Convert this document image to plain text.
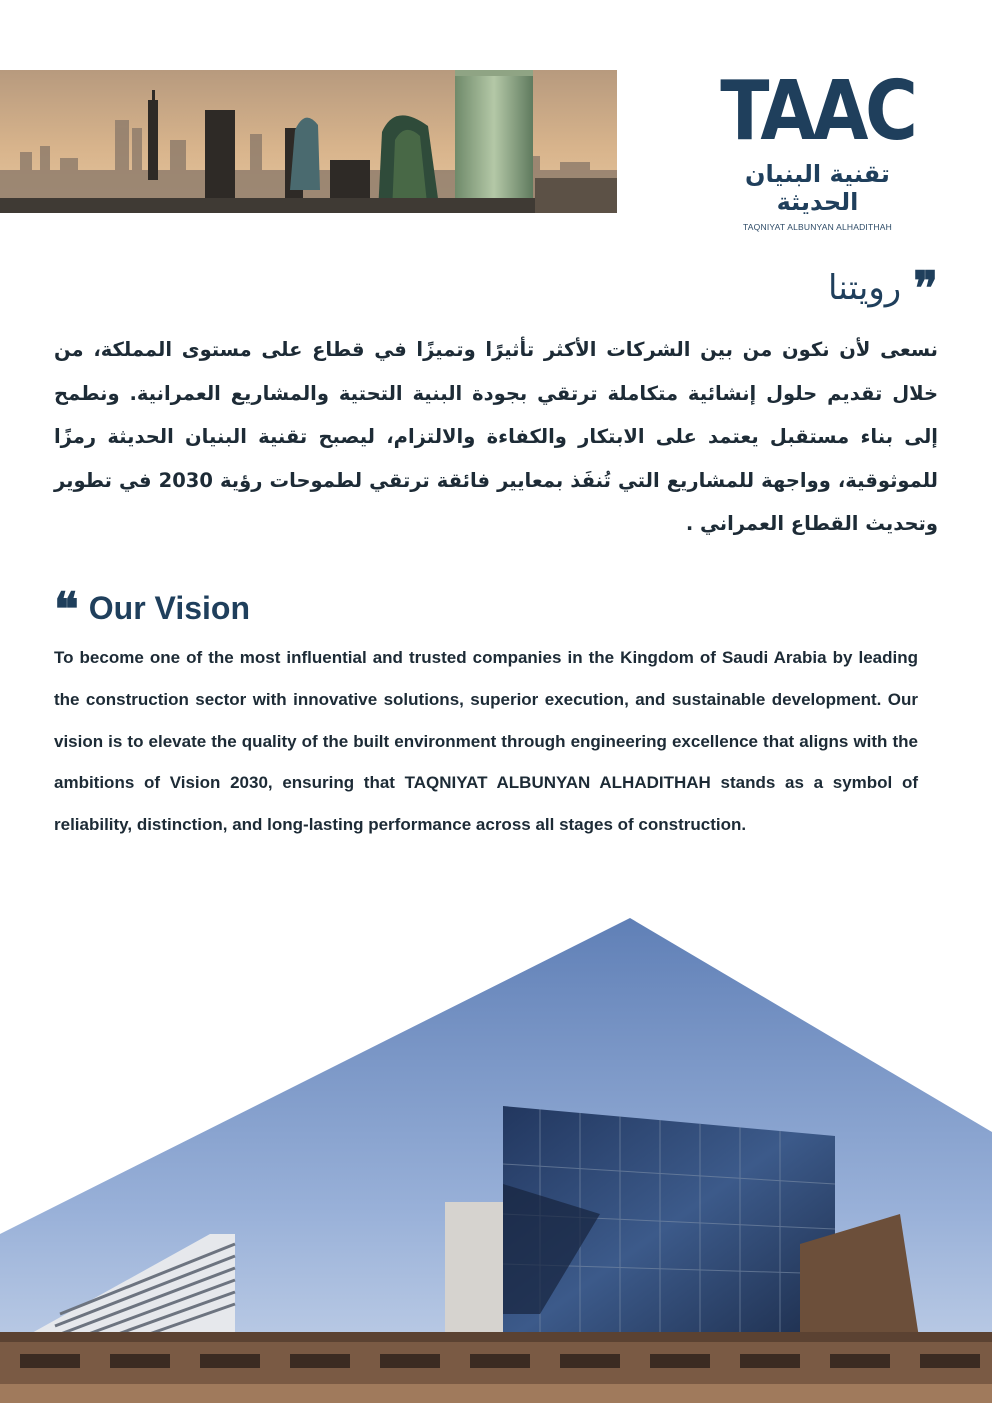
TAAC
تقنية البنيان الحديثة
TAQNIYAT ALBUNYAN ALHADITHAH
❞
رويتنا
نسعى لأن نكون من بين الشركات الأكثر تأثيرًا وتميزًا في قطاع على مستوى المملكة، من خلال تقديم حلول إنشائية متكاملة ترتقي بجودة البنية التحتية والمشاريع العمرانية. ونطمح إلى بناء مستقبل يعتمد على الابتكار والكفاءة والالتزام، ليصبح تقنية البنيان الحديثة رمزًا للموثوقية، وواجهة للمشاريع التي تُنفَذ بمعايير فائقة ترتقي لطموحات رؤية 2030 في تطوير وتحديث القطاع العمراني .
❝ Our Vision
To become one of the most influential and trusted companies in the Kingdom of Saudi Arabia by leading the construction sector with innovative solutions, superior execution, and sustainable development. Our vision is to elevate the quality of the built environment through engineering excellence that aligns with the ambitions of Vision 2030, ensuring that TAQNIYAT ALBUNYAN ALHADITHAH stands as a symbol of reliability, distinction, and long-lasting performance across all stages of construction.
